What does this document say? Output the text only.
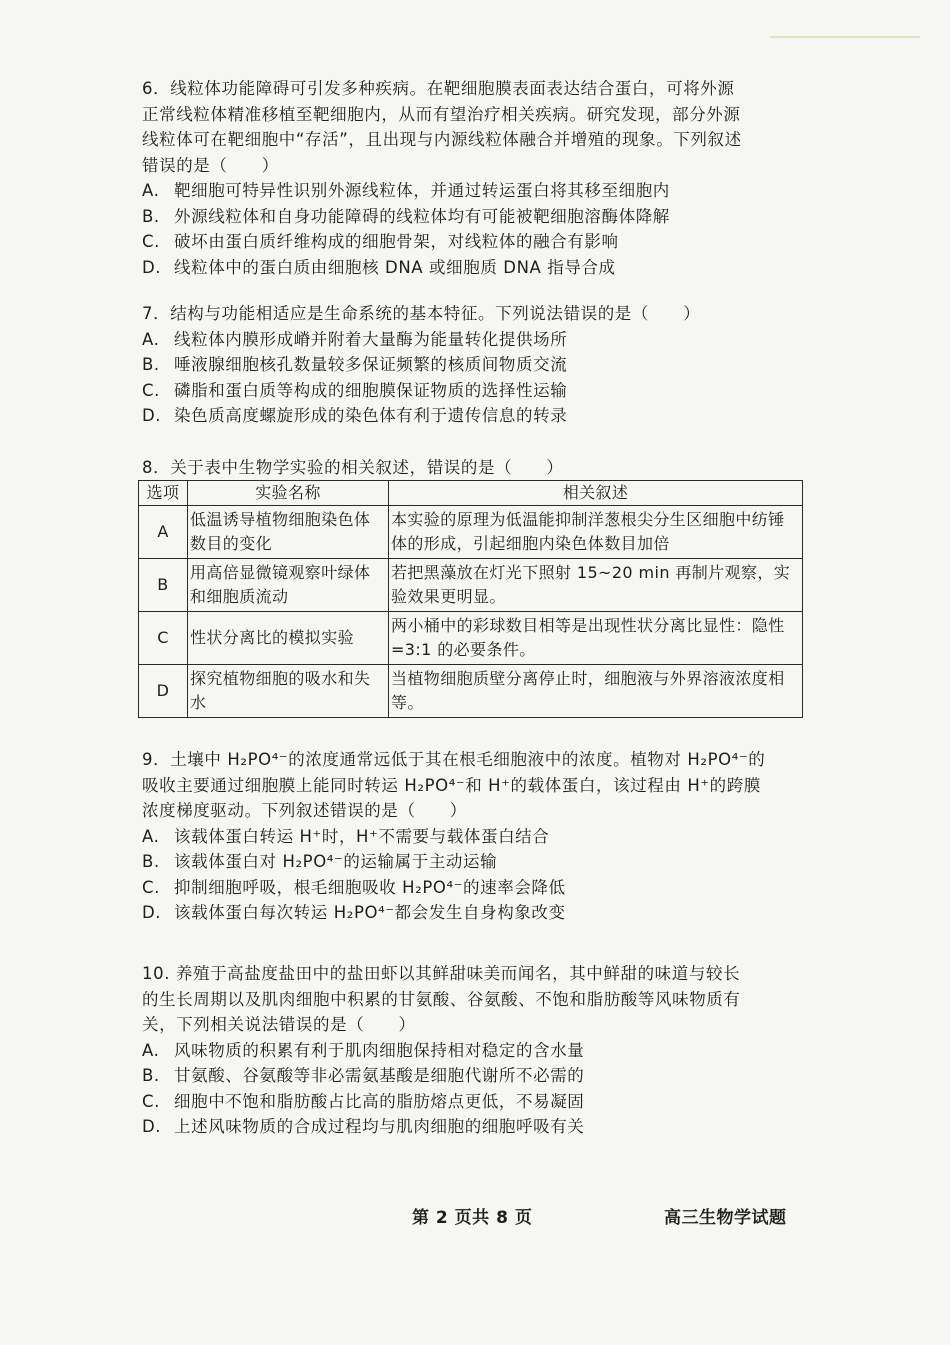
6．线粒体功能障碍可引发多种疾病。在靶细胞膜表面表达结合蛋白，可将外源

正常线粒体精准移植至靶细胞内，从而有望治疗相关疾病。研究发现，部分外源

线粒体可在靶细胞中“存活”，且出现与内源线粒体融合并增殖的现象。下列叙述

错误的是（　　）

A. 靶细胞可特异性识别外源线粒体，并通过转运蛋白将其移至细胞内
B. 外源线粒体和自身功能障碍的线粒体均有可能被靶细胞溶酶体降解
C. 破坏由蛋白质纤维构成的细胞骨架，对线粒体的融合有影响
D. 线粒体中的蛋白质由细胞核 DNA 或细胞质 DNA 指导合成

7．结构与功能相适应是生命系统的基本特征。下列说法错误的是（　　）

A. 线粒体内膜形成嵴并附着大量酶为能量转化提供场所
B. 唾液腺细胞核孔数量较多保证频繁的核质间物质交流
C. 磷脂和蛋白质等构成的细胞膜保证物质的选择性运输
D. 染色质高度螺旋形成的染色体有利于遗传信息的转录

8．关于表中生物学实验的相关叙述，错误的是（　　）

选项	实验名称	相关叙述
A	低温诱导植物细胞染色体数目的变化	本实验的原理为低温能抑制洋葱根尖分生区细胞中纺锤体的形成，引起细胞内染色体数目加倍
B	用高倍显微镜观察叶绿体和细胞质流动	若把黑藻放在灯光下照射 15~20 min 再制片观察，实验效果更明显。
C	性状分离比的模拟实验	两小桶中的彩球数目相等是出现性状分离比显性：隐性=3:1 的必要条件。
D	探究植物细胞的吸水和失水	当植物细胞质壁分离停止时，细胞液与外界溶液浓度相等。

9．土壤中 H₂PO⁴⁻的浓度通常远低于其在根毛细胞液中的浓度。植物对 H₂PO⁴⁻的

吸收主要通过细胞膜上能同时转运 H₂PO⁴⁻和 H⁺的载体蛋白，该过程由 H⁺的跨膜

浓度梯度驱动。下列叙述错误的是（　　）

A. 该载体蛋白转运 H⁺时，H⁺不需要与载体蛋白结合
B. 该载体蛋白对 H₂PO⁴⁻的运输属于主动运输
C. 抑制细胞呼吸，根毛细胞吸收 H₂PO⁴⁻的速率会降低
D. 该载体蛋白每次转运 H₂PO⁴⁻都会发生自身构象改变

10. 养殖于高盐度盐田中的盐田虾以其鲜甜味美而闻名，其中鲜甜的味道与较长

的生长周期以及肌肉细胞中积累的甘氨酸、谷氨酸、不饱和脂肪酸等风味物质有

关，下列相关说法错误的是（　　）

A. 风味物质的积累有利于肌肉细胞保持相对稳定的含水量
B. 甘氨酸、谷氨酸等非必需氨基酸是细胞代谢所不必需的
C. 细胞中不饱和脂肪酸占比高的脂肪熔点更低，不易凝固
D. 上述风味物质的合成过程均与肌肉细胞的细胞呼吸有关
第 2 页共 8 页	高三生物学试题
